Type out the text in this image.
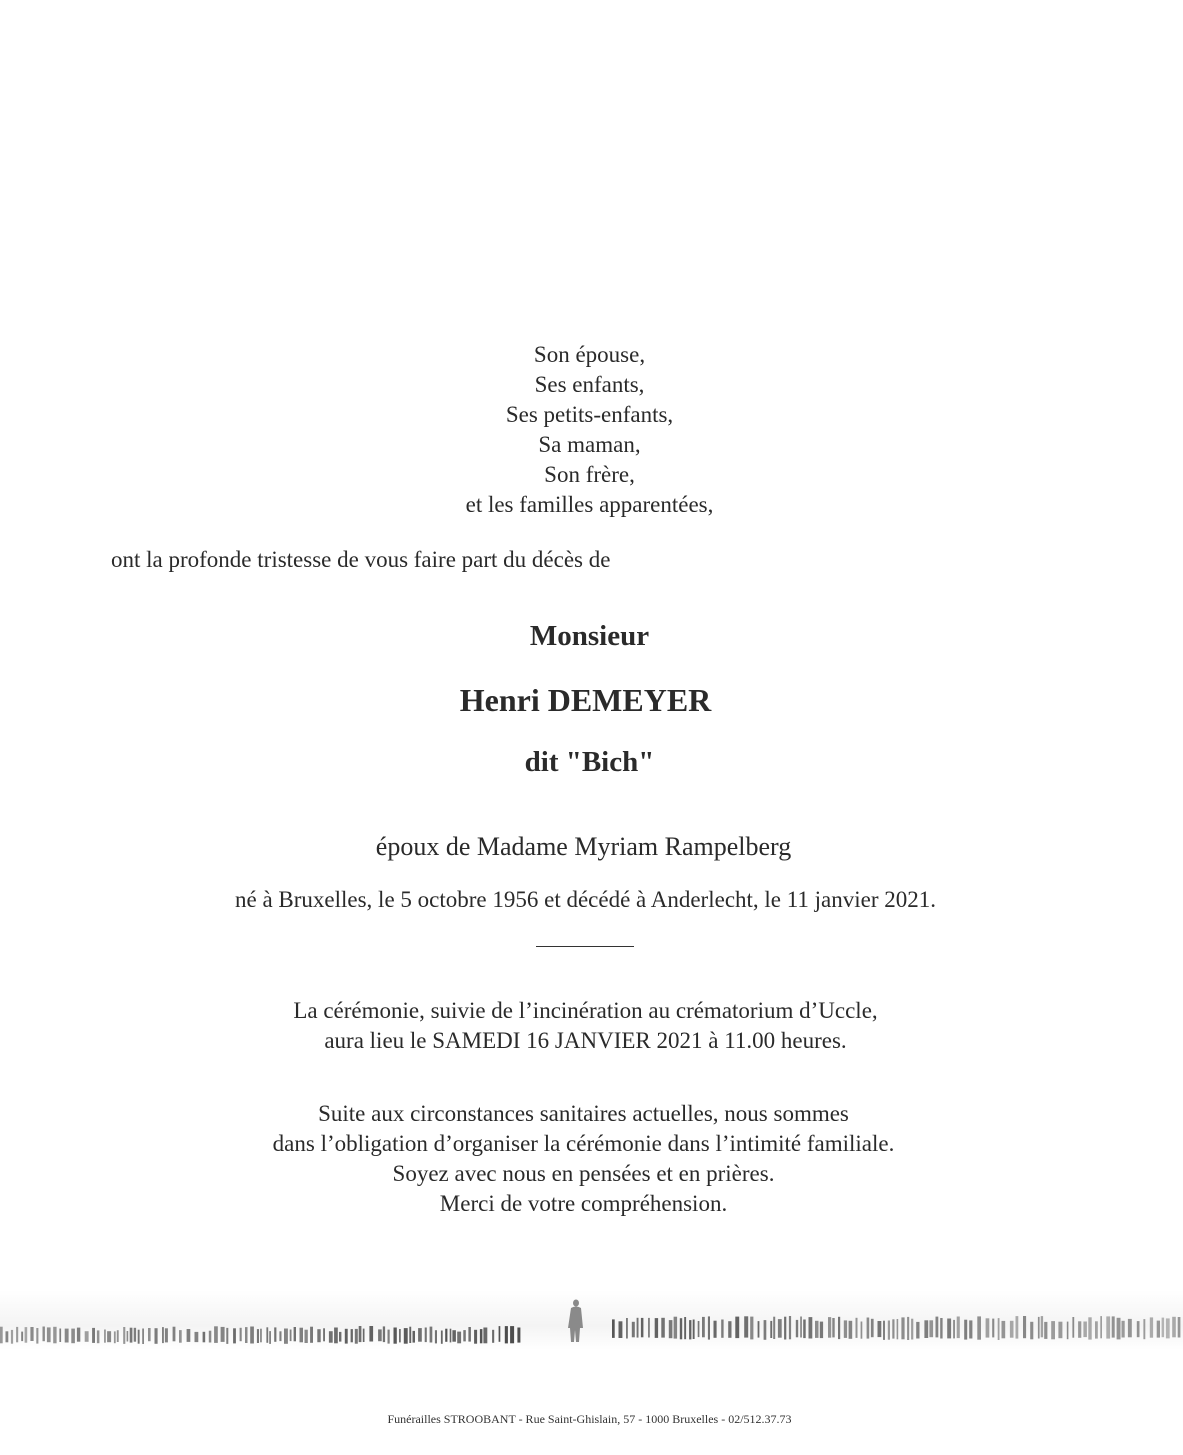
Son épouse,
Ses enfants,
Ses petits-enfants,
Sa maman,
Son frère,
et les familles apparentées,
ont la profonde tristesse de vous faire part du décès de
Monsieur
Henri DEMEYER
dit "Bich"
époux de Madame Myriam Rampelberg
né à Bruxelles, le 5 octobre 1956 et décédé à Anderlecht, le 11 janvier 2021.
La cérémonie, suivie de l’incinération au crématorium d’Uccle,
aura lieu le SAMEDI 16 JANVIER 2021 à 11.00 heures.
Suite aux circonstances sanitaires actuelles, nous sommes
dans l’obligation d’organiser la cérémonie dans l’intimité familiale.
Soyez avec nous en pensées et en prières.
Merci de votre compréhension.
Funérailles STROOBANT - Rue Saint-Ghislain, 57 - 1000 Bruxelles - 02/512.37.73
